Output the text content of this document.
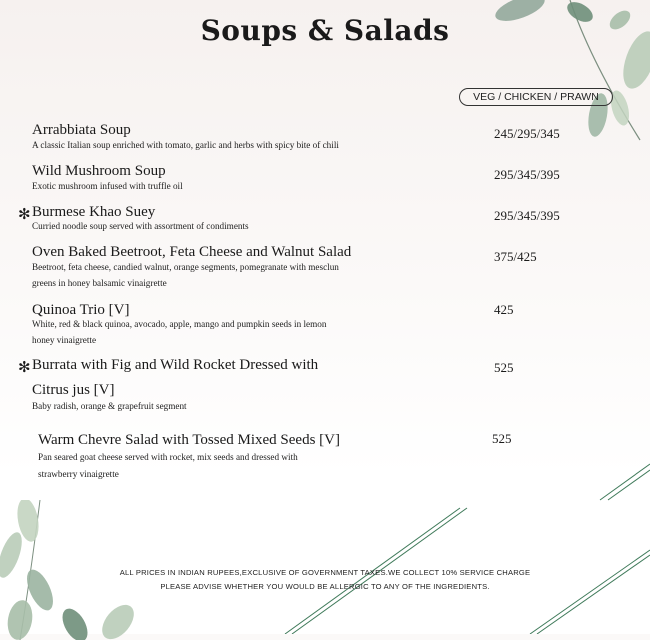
Soups & Salads
VEG / CHICKEN / PRAWN
Arrabbiata Soup
A classic Italian soup enriched with tomato, garlic and herbs with spicy bite of chili
245/295/345
Wild Mushroom Soup
Exotic mushroom infused with truffle oil
295/345/395
✻ Burmese Khao Suey
Curried noodle soup served with assortment of condiments
295/345/395
Oven Baked Beetroot, Feta Cheese and Walnut Salad
Beetroot, feta cheese, candied walnut, orange segments, pomegranate with mesclun
greens in honey balsamic vinaigrette
375/425
Quinoa Trio [V]
White, red & black quinoa, avocado, apple, mango and pumpkin seeds in lemon
honey vinaigrette
425
✻ Burrata with Fig and Wild Rocket Dressed with
Citrus jus [V]
Baby radish, orange & grapefruit segment
525
Warm Chevre Salad with Tossed Mixed Seeds [V]
Pan seared goat cheese served with rocket, mix seeds and dressed with
strawberry vinaigrette
525
ALL PRICES IN INDIAN RUPEES,EXCLUSIVE OF GOVERNMENT TAXES.WE COLLECT 10% SERVICE CHARGE
PLEASE ADVISE WHETHER YOU WOULD BE ALLERGIC TO ANY OF THE INGREDIENTS.
